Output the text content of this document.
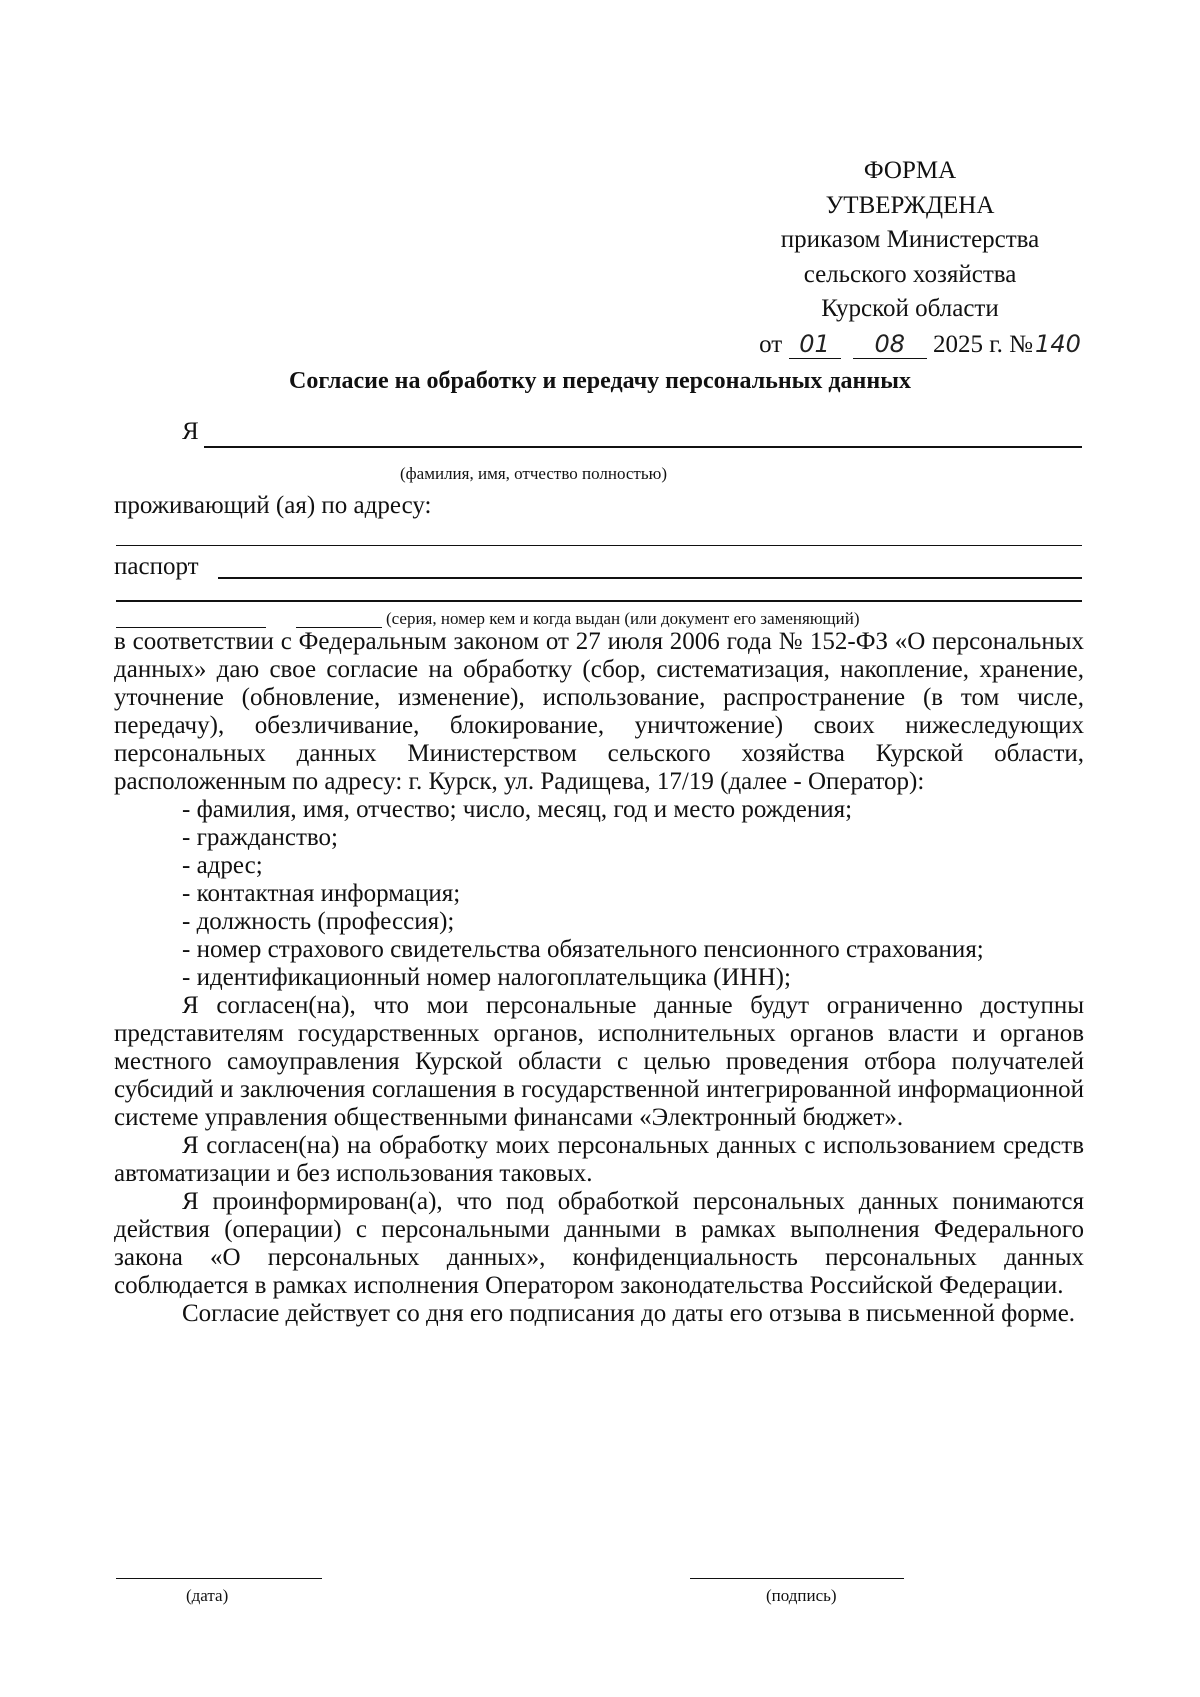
ФОРМА
УТВЕРЖДЕНА
приказом Министерства
сельского хозяйства
Курской области
от 01 08 2025 г. №140
Согласие на обработку и передачу персональных данных
Я
(фамилия, имя, отчество полностью)
проживающий (ая) по адресу:
паспорт
(серия, номер кем и когда выдан (или документ его заменяющий)

в соответствии с Федеральным законом от 27 июля 2006 года № 152-ФЗ «О персональных данных» даю свое согласие на обработку (сбор, систематизация, накопление, хранение, уточнение (обновление, изменение), использование, распространение (в том числе, передачу), обезличивание, блокирование, уничтожение) своих нижеследующих персональных данных Министерством сельского хозяйства Курской области, расположенным по адресу: г. Курск, ул. Радищева, 17/19 (далее - Оператор):

- фамилия, имя, отчество; число, месяц, год и место рождения;

- гражданство;

- адрес;

- контактная информация;

- должность (профессия);

- номер страхового свидетельства обязательного пенсионного страхования;

- идентификационный номер налогоплательщика (ИНН);

Я согласен(на), что мои персональные данные будут ограниченно доступны представителям государственных органов, исполнительных органов власти и органов местного самоуправления Курской области с целью проведения отбора получателей субсидий и заключения соглашения в государственной интегрированной информационной системе управления общественными финансами «Электронный бюджет».

Я согласен(на) на обработку моих персональных данных с использованием средств автоматизации и без использования таковых.

Я проинформирован(а), что под обработкой персональных данных понимаются действия (операции) с персональными данными в рамках выполнения Федерального закона «О персональных данных», конфиденциальность персональных данных соблюдается в рамках исполнения Оператором законодательства Российской Федерации.

Согласие действует со дня его подписания до даты его отзыва в письменной форме.

(дата)	(подпись)
